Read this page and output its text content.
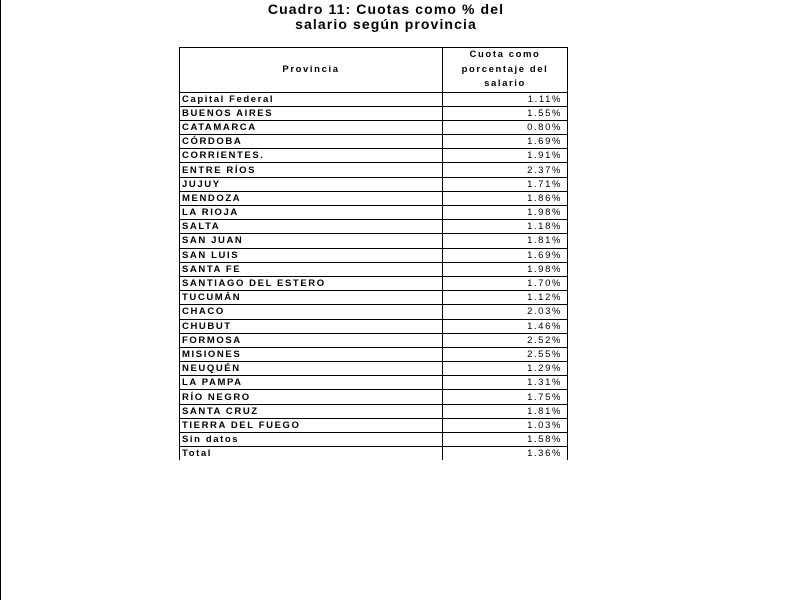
Cuadro 11: Cuotas como % del
salario según provincia
Provincia	Cuota como
porcentaje del
salario

Capital Federal	1.11%
BUENOS AIRES	1.55%
CATAMARCA	0.80%
CÓRDOBA	1.69%
CORRIENTES.	1.91%
ENTRE RÍOS	2.37%
JUJUY	1.71%
MENDOZA	1.86%
LA RIOJA	1.98%
SALTA	1.18%
SAN JUAN	1.81%
SAN LUIS	1.69%
SANTA FE	1.98%
SANTIAGO DEL ESTERO	1.70%
TUCUMÁN	1.12%
CHACO	2.03%
CHUBUT	1.46%
FORMOSA	2.52%
MISIONES	2.55%
NEUQUÉN	1.29%
LA PAMPA	1.31%
RÍO NEGRO	1.75%
SANTA CRUZ	1.81%
TIERRA DEL FUEGO	1.03%
Sin datos	1.58%
Total	1.36%
